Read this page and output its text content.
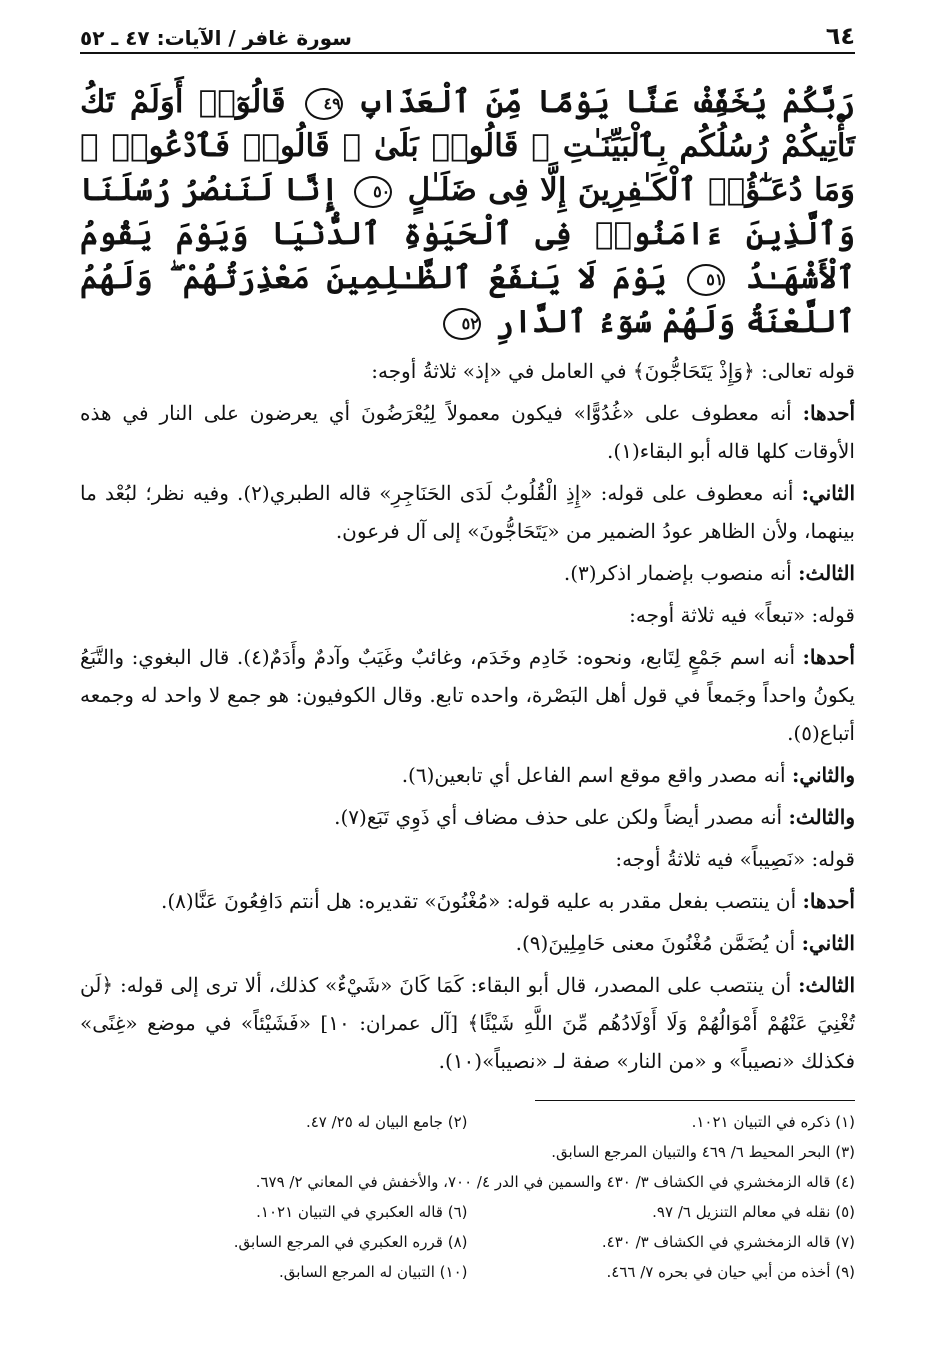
٦٤
سورة غافر / الآيات: ٤٧ ـ ٥٢
رَبَّكُمْ يُخَفِّفْ عَنَّا يَوْمًا مِّنَ ٱلْعَذَابِ ٤٩ قَالُوٓا۟ أَوَلَمْ تَكُ تَأْتِيكُمْ رُسُلُكُم بِٱلْبَيِّنَـٰتِ ۖ قَالُوا۟ بَلَىٰ ۚ قَالُوا۟ فَٱدْعُوا۟ ۗ وَمَا دُعَـٰٓؤُا۟ ٱلْكَـٰفِرِينَ إِلَّا فِى ضَلَـٰلٍ ٥٠ إِنَّا لَنَنصُرُ رُسُلَنَا وَٱلَّذِينَ ءَامَنُوا۟ فِى ٱلْحَيَوٰةِ ٱلدُّنْيَا وَيَوْمَ يَقُومُ ٱلْأَشْهَـٰدُ ٥١ يَوْمَ لَا يَنفَعُ ٱلظَّـٰلِمِينَ مَعْذِرَتُهُمْ ۖ وَلَهُمُ ٱللَّعْنَةُ وَلَهُمْ سُوٓءُ ٱلدَّارِ ٥٢

قوله تعالى: ﴿وَإِذْ يَتَحَاجُّونَ﴾ في العامل في «إذ» ثلاثةُ أوجه:

أحدها: أنه معطوف على «غُدُوًّا» فيكون معمولاً لِيُعْرَضُونَ أي يعرضون على النار في هذه الأوقات كلها قاله أبو البقاء(١).

الثاني: أنه معطوف على قوله: «إِذِ الْقُلُوبُ لَدَى الحَنَاجِرِ» قاله الطبري(٢). وفيه نظر؛ لبُعْد ما بينهما، ولأن الظاهر عودُ الضمير من «يَتَحَاجُّونَ» إلى آل فرعون.

الثالث: أنه منصوب بإضمار اذكر(٣).

قوله: «تبعاً» فيه ثلاثة أوجه:

أحدها: أنه اسم جَمْعٍ لِتَابع، ونحوه: خَادِم وخَدَم، وغائبٌ وغَيَبٌ وآدمٌ وأَدَمٌ(٤). قال البغوي: والتَّبَعُ يكونُ واحداً وجَمعاً في قول أهل البَصْرة، واحده تابع. وقال الكوفيون: هو جمع لا واحد له وجمعه أتباع(٥).

والثاني: أنه مصدر واقع موقع اسم الفاعل أي تابعين(٦).

والثالث: أنه مصدر أيضاً ولكن على حذف مضاف أي ذَوِي تَبَع(٧).

قوله: «نَصِيباً» فيه ثلاثةُ أوجه:

أحدها: أن ينتصب بفعل مقدر به عليه قوله: «مُغْنُونَ» تقديره: هل أنتم دَافِعُونَ عَنَّا(٨).

الثاني: أن يُضَمَّن مُغْنُونَ معنى حَامِلِينَ(٩).

الثالث: أن ينتصب على المصدر، قال أبو البقاء: كَمَا كَانَ «شَيْءٌ» كذلك، ألا ترى إلى قوله: ﴿لَن تُغْنِيَ عَنْهُمْ أَمْوَالُهُمْ وَلَا أَوْلَادُهُم مِّنَ اللَّهِ شَيْئًا﴾ [آل عمران: ١٠] «فَشَيْئاً» في موضع «غِنًى» فكذلك «نصيباً» و «من النار» صفة لـ «نصيباً»(١٠).

(١) ذكره في التبيان ١٠٢١.
(٢) جامع البيان له ٢٥/ ٤٧.
(٣) البحر المحيط ٦/ ٤٦٩ والتبيان المرجع السابق.
(٤) قاله الزمخشري في الكشاف ٣/ ٤٣٠ والسمين في الدر ٤/ ٧٠٠، والأخفش في المعاني ٢/ ٦٧٩.
(٥) نقله في معالم التنزيل ٦/ ٩٧.
(٦) قاله العكبري في التبيان ١٠٢١.
(٧) قاله الزمخشري في الكشاف ٣/ ٤٣٠.
(٨) قرره العكبري في المرجع السابق.
(٩) أخذه من أبي حيان في بحره ٧/ ٤٦٦.
(١٠) التبيان له المرجع السابق.
